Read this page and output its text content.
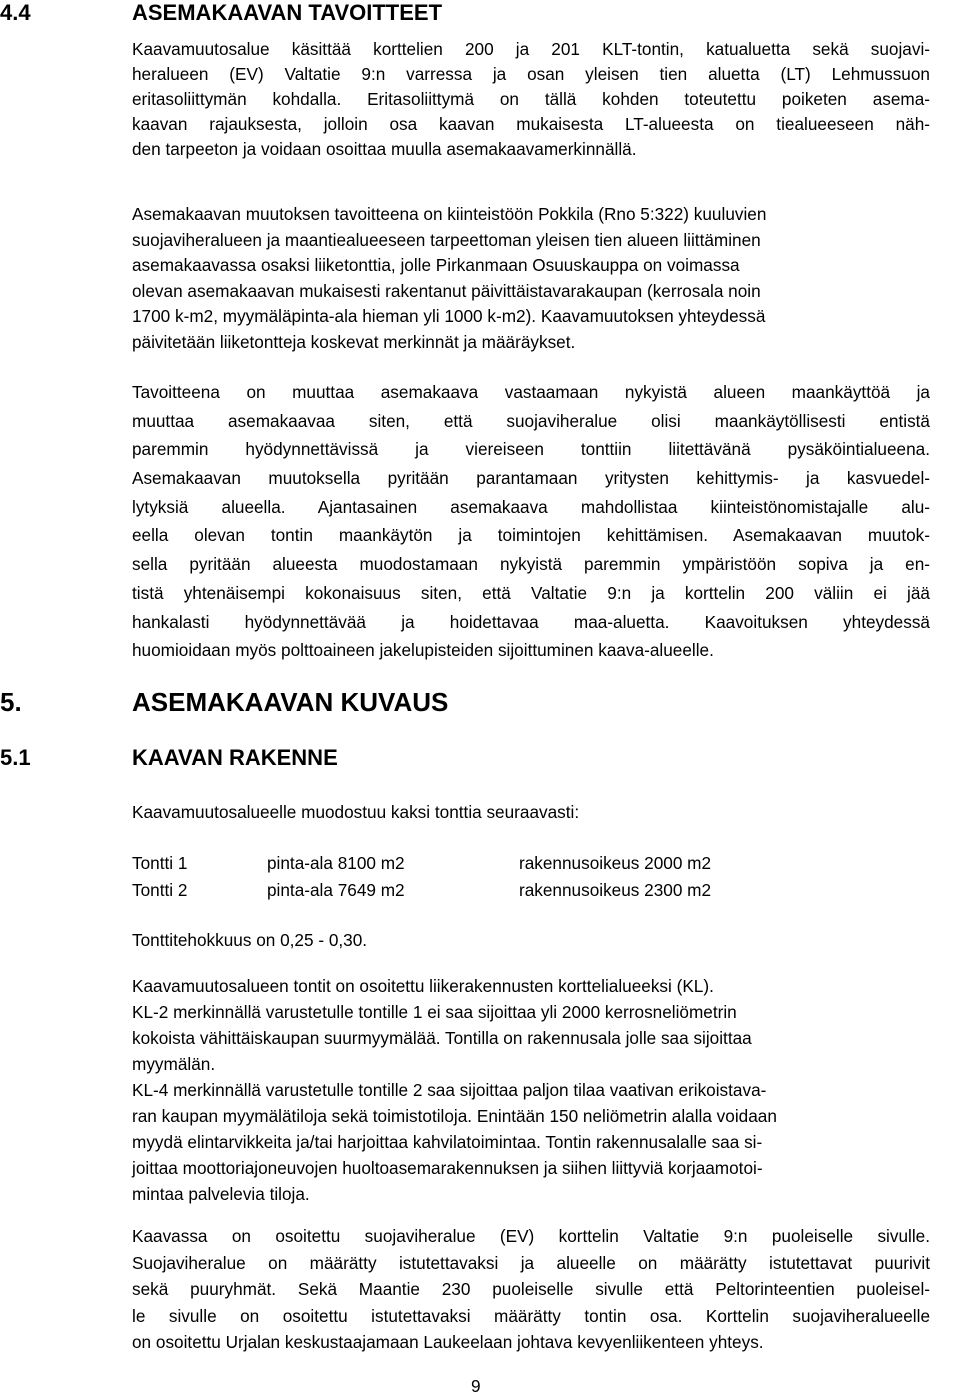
4.4	ASEMAKAAVAN TAVOITTEET
Kaavamuutosalue käsittää korttelien 200 ja 201 KLT-tontin, katualuetta sekä suojavi-
heralueen (EV) Valtatie 9:n varressa ja osan yleisen tien aluetta (LT) Lehmussuon
eritasoliittymän kohdalla. Eritasoliittymä on tällä kohden toteutettu poiketen asema-
kaavan rajauksesta, jolloin osa kaavan mukaisesta LT-alueesta on tiealueeseen näh-
den tarpeeton ja voidaan osoittaa muulla asemakaavamerkinnällä.
Asemakaavan muutoksen tavoitteena on kiinteistöön Pokkila (Rno 5:322) kuuluvien
suojaviheralueen ja maantiealueeseen tarpeettoman yleisen tien alueen liittäminen
asemakaavassa osaksi liiketonttia, jolle Pirkanmaan Osuuskauppa on voimassa
olevan asemakaavan mukaisesti rakentanut päivittäistavarakaupan (kerrosala noin
1700 k-m2, myymäläpinta-ala hieman yli 1000 k-m2). Kaavamuutoksen yhteydessä
päivitetään liiketontteja koskevat merkinnät ja määräykset.
Tavoitteena on muuttaa asemakaava vastaamaan nykyistä alueen maankäyttöä ja
muuttaa asemakaavaa siten, että suojaviheralue olisi maankäytöllisesti entistä
paremmin hyödynnettävissä ja viereiseen tonttiin liitettävänä pysäköintialueena.
Asemakaavan muutoksella pyritään parantamaan yritysten kehittymis- ja kasvuedel-
lytyksiä alueella. Ajantasainen asemakaava mahdollistaa kiinteistönomistajalle alu-
eella olevan tontin maankäytön ja toimintojen kehittämisen. Asemakaavan muutok-
sella pyritään alueesta muodostamaan nykyistä paremmin ympäristöön sopiva ja en-
tistä yhtenäisempi kokonaisuus siten, että Valtatie 9:n ja korttelin 200 väliin ei jää
hankalasti hyödynnettävää ja hoidettavaa maa-aluetta. Kaavoituksen yhteydessä
huomioidaan myös polttoaineen jakelupisteiden sijoittuminen kaava-alueelle.
5.	ASEMAKAAVAN KUVAUS
5.1	KAAVAN RAKENNE
Kaavamuutosalueelle muodostuu kaksi tonttia seuraavasti:
Tontti 1	pinta-ala 8100 m2	rakennusoikeus 2000 m2
Tontti 2	pinta-ala 7649 m2	rakennusoikeus 2300 m2
Tonttitehokkuus on 0,25 - 0,30.
Kaavamuutosalueen tontit on osoitettu liikerakennusten korttelialueeksi (KL).
KL-2 merkinnällä varustetulle tontille 1 ei saa sijoittaa yli 2000 kerrosneliömetrin
kokoista vähittäiskaupan suurmyymälää. Tontilla on rakennusala jolle saa sijoittaa
myymälän.
KL-4 merkinnällä varustetulle tontille 2 saa sijoittaa paljon tilaa vaativan erikoistava-
ran kaupan myymälätiloja sekä toimistotiloja. Enintään 150 neliömetrin alalla voidaan
myydä elintarvikkeita ja/tai harjoittaa kahvilatoimintaa. Tontin rakennusalalle saa si-
joittaa moottoriajoneuvojen huoltoasemarakennuksen ja siihen liittyviä korjaamotoi-
mintaa palvelevia tiloja.
Kaavassa on osoitettu suojaviheralue (EV) korttelin Valtatie 9:n puoleiselle sivulle.
Suojaviheralue on määrätty istutettavaksi ja alueelle on määrätty istutettavat puurivit
sekä puuryhmät. Sekä Maantie 230 puoleiselle sivulle että Peltorinteentien puoleisel-
le sivulle on osoitettu istutettavaksi määrätty tontin osa. Korttelin suojaviheralueelle
on osoitettu Urjalan keskustaajamaan Laukeelaan johtava kevyenliikenteen yhteys.
9
